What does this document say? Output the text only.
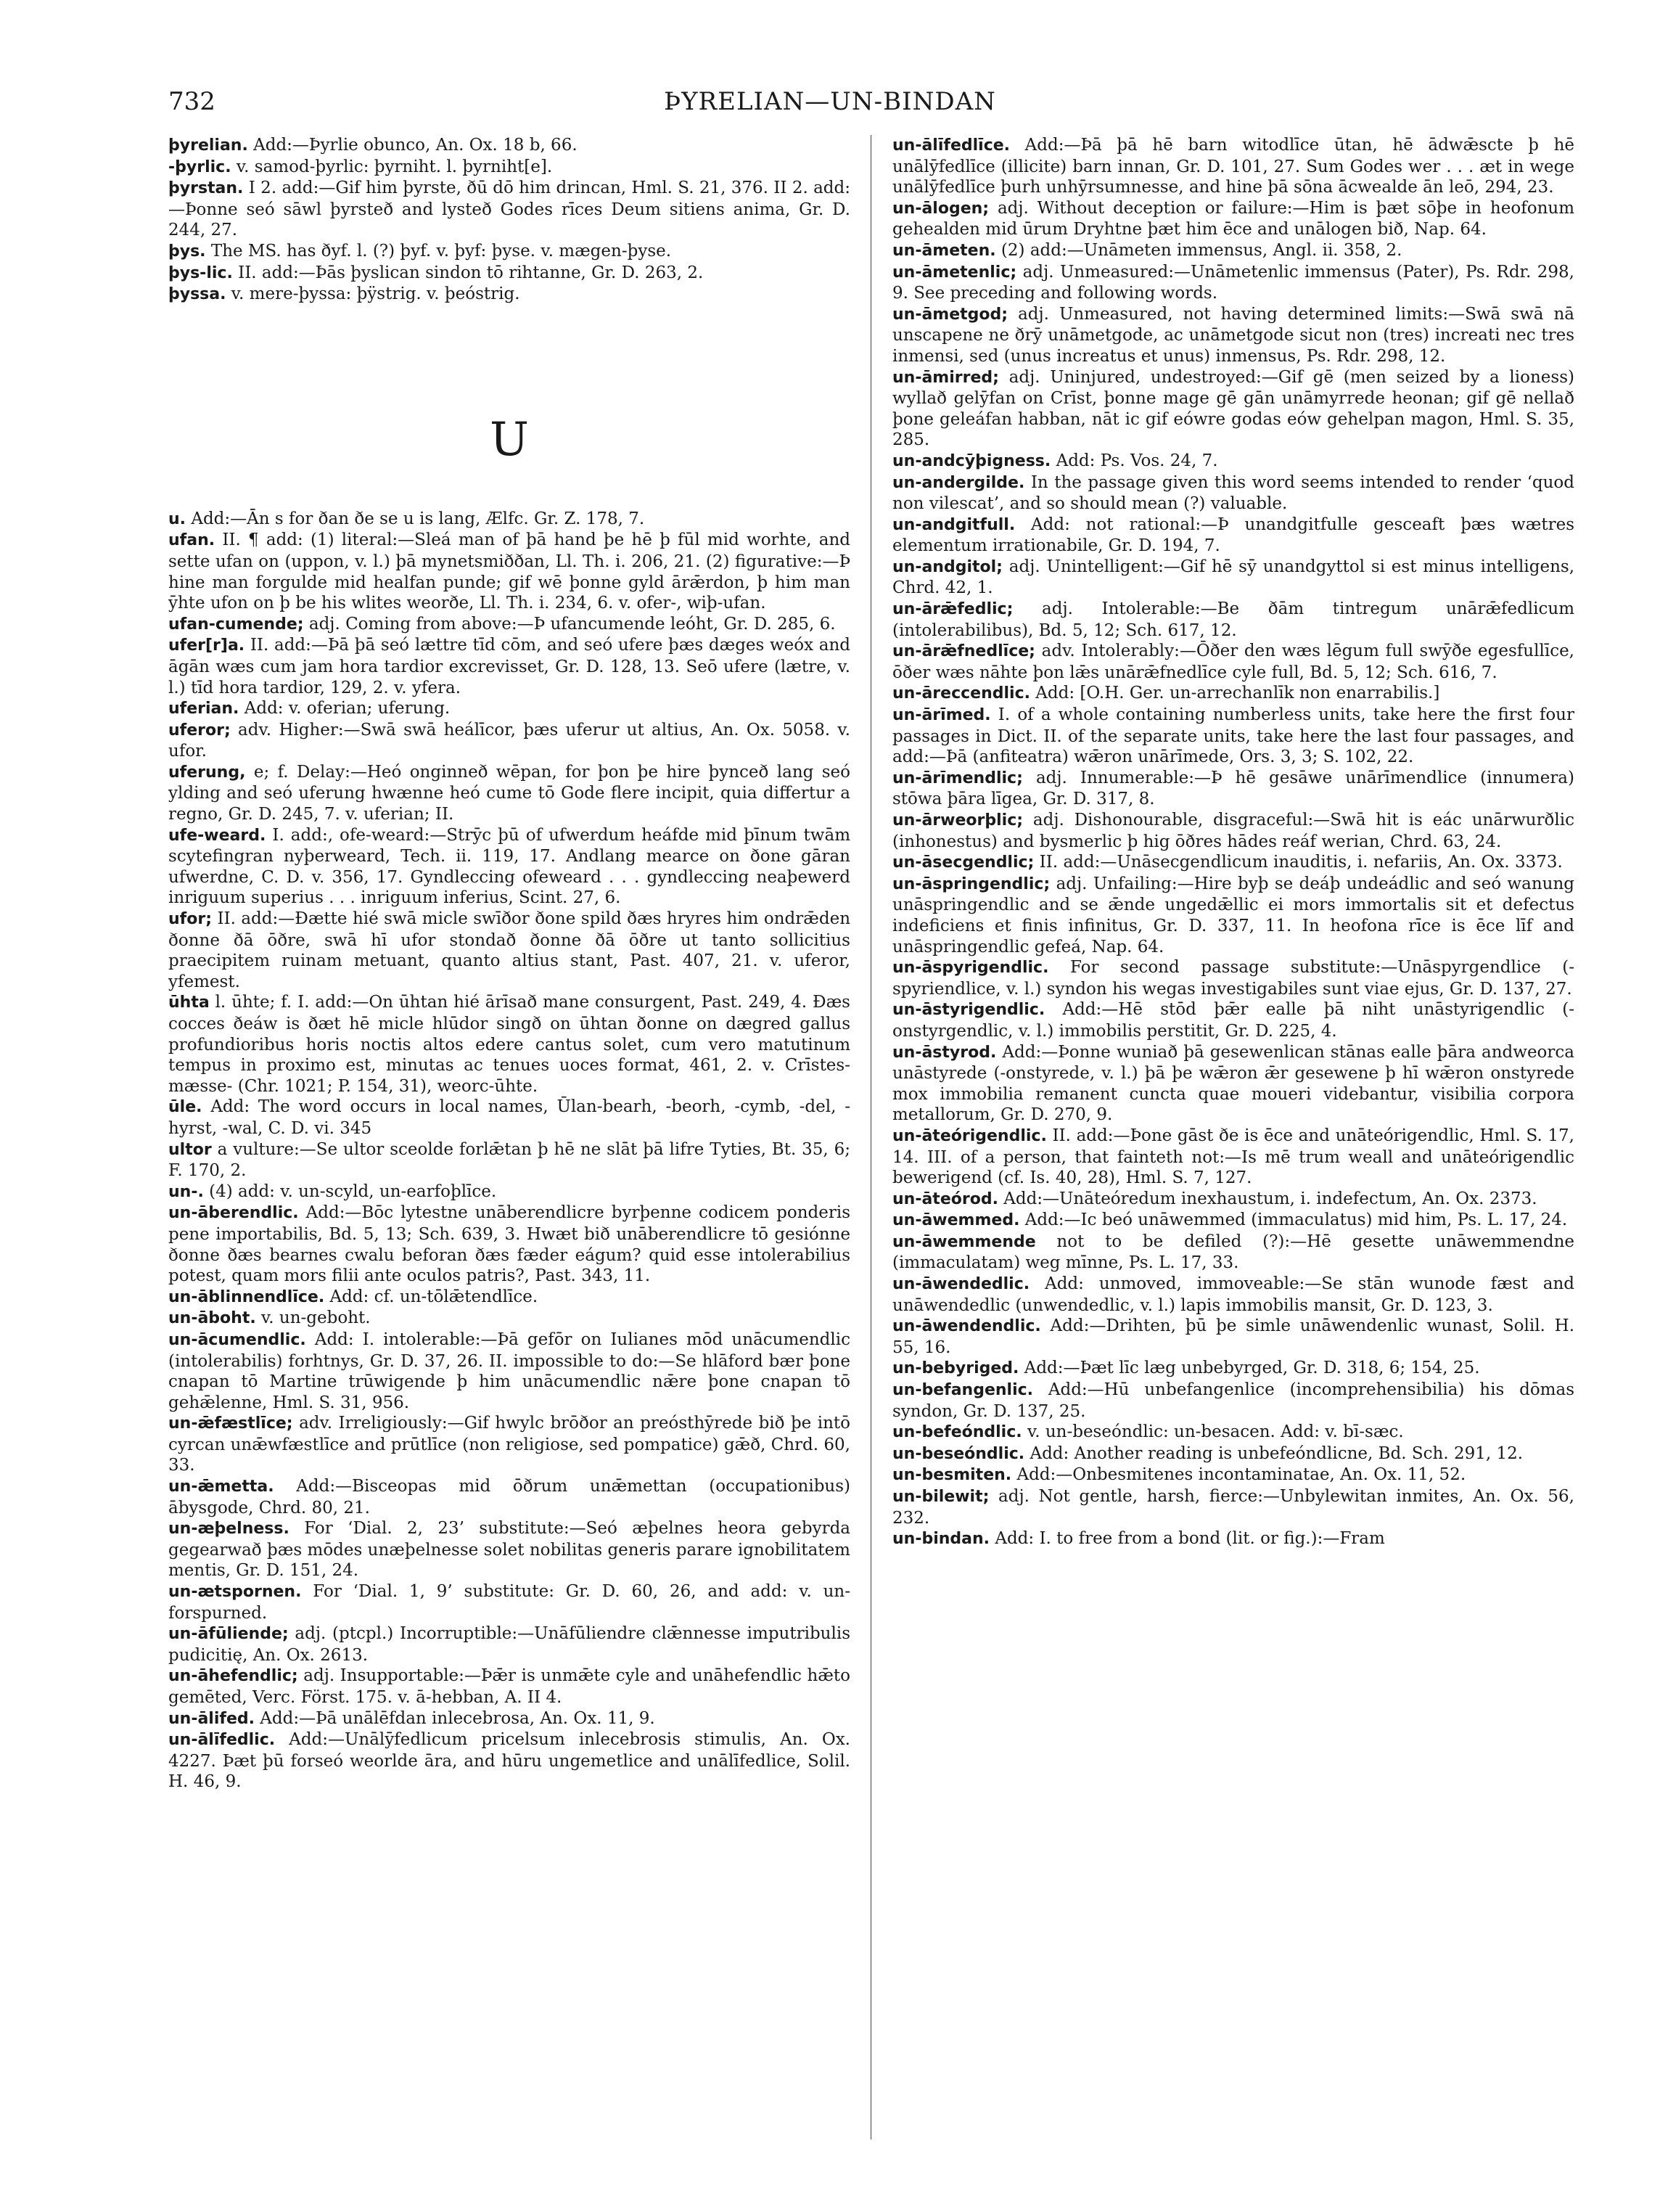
732	ÞYRELIAN—UN-BINDAN

þyrelian. Add:—Þyrlie obunco, An. Ox. 18 b, 66.

-þyrlic. v. samod-þyrlic: þyrniht. l. þyrniht[e].

þyrstan. I 2. add:—Gif him þyrste, ðū dō him drincan, Hml. S. 21, 376. II 2. add:—Þonne seó sāwl þyrsteð and lysteð Godes rīces Deum sitiens anima, Gr. D. 244, 27.

þys. The MS. has ðyf. l. (?) þyf. v. þyf: þyse. v. mægen-þyse.

þys-lic. II. add:—Þās þyslican sindon tō rihtanne, Gr. D. 263, 2.

þyssa. v. mere-þyssa: þÿstrig. v. þeóstrig.

U

u. Add:—Ān s for ðan ðe se u is lang, Ælfc. Gr. Z. 178, 7.

ufan. II. ¶ add: (1) literal:—Sleá man of þā hand þe hē þ fūl mid worhte, and sette ufan on (uppon, v. l.) þā mynetsmiððan, Ll. Th. i. 206, 21. (2) figurative:—Þ hine man forgulde mid healfan punde; gif wē þonne gyld ārǣrdon, þ him man ȳhte ufon on þ be his wlites weorðe, Ll. Th. i. 234, 6. v. ofer-, wiþ-ufan.

ufan-cumende; adj. Coming from above:—Þ ufancumende leóht, Gr. D. 285, 6.

ufer[r]a. II. add:—Þā þā seó lættre tīd cōm, and seó ufere þæs dæges weóx and āgān wæs cum jam hora tardior excrevisset, Gr. D. 128, 13. Seō ufere (lætre, v. l.) tīd hora tardior, 129, 2. v. yfera.

uferian. Add: v. oferian; uferung.

uferor; adv. Higher:—Swā swā heálīcor, þæs uferur ut altius, An. Ox. 5058. v. ufor.

uferung, e; f. Delay:—Heó onginneð wēpan, for þon þe hire þynceð lang seó ylding and seó uferung hwænne heó cume tō Gode flere incipit, quia differtur a regno, Gr. D. 245, 7. v. uferian; II.

ufe-weard. I. add:, ofe-weard:—Strȳc þū of ufwerdum heáfde mid þīnum twām scytefingran nyþerweard, Tech. ii. 119, 17. Andlang mearce on ðone gāran ufwerdne, C. D. v. 356, 17. Gyndleccing ofeweard . . . gyndleccing neaþewerd inriguum superius . . . inriguum inferius, Scint. 27, 6.

ufor; II. add:—Ðætte hié swā micle swīðor ðone spild ðæs hryres him ondrǣden ðonne ðā ōðre, swā hī ufor stondað ðonne ðā ōðre ut tanto sollicitius praecipitem ruinam metuant, quanto altius stant, Past. 407, 21. v. uferor, yfemest.

ūhta l. ūhte; f. I. add:—On ūhtan hié ārīsað mane consurgent, Past. 249, 4. Ðæs cocces ðeáw is ðæt hē micle hlūdor singð on ūhtan ðonne on dægred gallus profundioribus horis noctis altos edere cantus solet, cum vero matutinum tempus in proximo est, minutas ac tenues uoces format, 461, 2. v. Crīstes-mæsse- (Chr. 1021; P. 154, 31), weorc-ūhte.

ūle. Add: The word occurs in local names, Ūlan-bearh, -beorh, -cymb, -del, -hyrst, -wal, C. D. vi. 345

ultor a vulture:—Se ultor sceolde forlǣtan þ hē ne slāt þā lifre Tyties, Bt. 35, 6; F. 170, 2.

un-. (4) add: v. un-scyld, un-earfoþlīce.

un-āberendlic. Add:—Bōc lytestne unāberendlicre byrþenne codicem ponderis pene importabilis, Bd. 5, 13; Sch. 639, 3. Hwæt bið unāberendlicre tō gesiónne ðonne ðæs bearnes cwalu beforan ðæs fæder eágum? quid esse intolerabilius potest, quam mors filii ante oculos patris?, Past. 343, 11.

un-āblinnendlīce. Add: cf. un-tōlǣtendlīce.

un-āboht. v. un-geboht.

un-ācumendlic. Add: I. intolerable:—Þā gefōr on Iulianes mōd unācumendlic (intolerabilis) forhtnys, Gr. D. 37, 26. II. impossible to do:—Se hlāford bær þone cnapan tō Martine trūwigende þ him unācumendlic nǣre þone cnapan tō gehǣlenne, Hml. S. 31, 956.

un-ǣfæstlīce; adv. Irreligiously:—Gif hwylc brōðor an preósthȳrede bið þe intō cyrcan unǣwfæstlīce and prūtlīce (non religiose, sed pompatice) gǣð, Chrd. 60, 33.

un-ǣmetta. Add:—Bisceopas mid ōðrum unǣmettan (occupationibus) ābysgode, Chrd. 80, 21.

un-æþelness. For ‘Dial. 2, 23’ substitute:—Seó æþelnes heora gebyrda gegearwað þæs mōdes unæþelnesse solet nobilitas generis parare ignobilitatem mentis, Gr. D. 151, 24.

un-ætspornen. For ‘Dial. 1, 9’ substitute: Gr. D. 60, 26, and add: v. un-forspurned.

un-āfūliende; adj. (ptcpl.) Incorruptible:—Unāfūliendre clǣnnesse imputribulis pudicitię, An. Ox. 2613.

un-āhefendlic; adj. Insupportable:—Þǣr is unmǣte cyle and unāhefendlic hǣto gemēted, Verc. Först. 175. v. ā-hebban, A. II 4.

un-ālifed. Add:—Þā unālēfdan inlecebrosa, An. Ox. 11, 9.

un-ālīfedlic. Add:—Unālȳfedlicum pricelsum inlecebrosis stimulis, An. Ox. 4227. Þæt þū forseó weorlde āra, and hūru ungemetlice and unālīfedlice, Solil. H. 46, 9.

un-ālīfedlīce. Add:—Þā þā hē barn witodlīce ūtan, hē ādwǣscte þ hē unālȳfedlīce (illicite) barn innan, Gr. D. 101, 27. Sum Godes wer . . . æt in wege unālȳfedlīce þurh unhȳrsumnesse, and hine þā sōna ācwealde ān leō, 294, 23.

un-ālogen; adj. Without deception or failure:—Him is þæt sōþe in heofonum gehealden mid ūrum Dryhtne þæt him ēce and unālogen bið, Nap. 64.

un-āmeten. (2) add:—Unāmeten immensus, Angl. ii. 358, 2.

un-āmetenlic; adj. Unmeasured:—Unāmetenlic immensus (Pater), Ps. Rdr. 298, 9. See preceding and following words.

un-āmetgod; adj. Unmeasured, not having determined limits:—Swā swā nā unscapene ne ðrȳ unāmetgode, ac unāmetgode sicut non (tres) increati nec tres inmensi, sed (unus increatus et unus) inmensus, Ps. Rdr. 298, 12.

un-āmirred; adj. Uninjured, undestroyed:—Gif gē (men seized by a lioness) wyllað gelȳfan on Crīst, þonne mage gē gān unāmyrrede heonan; gif gē nellað þone geleáfan habban, nāt ic gif eówre godas eów gehelpan magon, Hml. S. 35, 285.

un-andcȳþigness. Add: Ps. Vos. 24, 7.

un-andergilde. In the passage given this word seems intended to render ‘quod non vilescat’, and so should mean (?) valuable.

un-andgitfull. Add: not rational:—Þ unandgitfulle gesceaft þæs wætres elementum irrationabile, Gr. D. 194, 7.

un-andgitol; adj. Unintelligent:—Gif hē sȳ unandgyttol si est minus intelligens, Chrd. 42, 1.

un-ārǣfedlic; adj. Intolerable:—Be ðām tintregum unārǣfedlicum (intolerabilibus), Bd. 5, 12; Sch. 617, 12.

un-ārǣfnedlīce; adv. Intolerably:—Ōðer den wæs lēgum full swȳðe egesfullīce, ōðer wæs nāhte þon lǣs unārǣfnedlīce cyle full, Bd. 5, 12; Sch. 616, 7.

un-āreccendlic. Add: [O.H. Ger. un-arrechanlīk non enarrabilis.]

un-ārīmed. I. of a whole containing numberless units, take here the first four passages in Dict. II. of the separate units, take here the last four passages, and add:—Þā (anfiteatra) wǣron unārīmede, Ors. 3, 3; S. 102, 22.

un-ārīmendlic; adj. Innumerable:—Þ hē gesāwe unārīmendlice (innumera) stōwa þāra līgea, Gr. D. 317, 8.

un-ārweorþlic; adj. Dishonourable, disgraceful:—Swā hit is eác unārwurðlic (inhonestus) and bysmerlic þ hig ōðres hādes reáf werian, Chrd. 63, 24.

un-āsecgendlic; II. add:—Unāsecgendlicum inauditis, i. nefariis, An. Ox. 3373.

un-āspringendlic; adj. Unfailing:—Hire byþ se deáþ undeádlic and seó wanung unāspringendlic and se ǣnde ungedǣllic ei mors immortalis sit et defectus indeficiens et finis infinitus, Gr. D. 337, 11. In heofona rīce is ēce līf and unāspringendlic gefeá, Nap. 64.

un-āspyrigendlic. For second passage substitute:—Unāspyrgendlice (-spyriendlice, v. l.) syndon his wegas investigabiles sunt viae ejus, Gr. D. 137, 27.

un-āstyrigendlic. Add:—Hē stōd þǣr ealle þā niht unāstyrigendlic (-onstyrgendlic, v. l.) immobilis perstitit, Gr. D. 225, 4.

un-āstyrod. Add:—Þonne wuniað þā gesewenlican stānas ealle þāra andweorca unāstyrede (-onstyrede, v. l.) þā þe wǣron ǣr gesewene þ hī wǣron onstyrede mox immobilia remanent cuncta quae moueri videbantur, visibilia corpora metallorum, Gr. D. 270, 9.

un-āteórigendlic. II. add:—Þone gāst ðe is ēce and unāteórigendlic, Hml. S. 17, 14. III. of a person, that fainteth not:—Is mē trum weall and unāteórigendlic bewerigend (cf. Is. 40, 28), Hml. S. 7, 127.

un-āteórod. Add:—Unāteóredum inexhaustum, i. indefectum, An. Ox. 2373.

un-āwemmed. Add:—Ic beó unāwemmed (immaculatus) mid him, Ps. L. 17, 24.

un-āwemmende not to be defiled (?):—Hē gesette unāwemmendne (immaculatam) weg mīnne, Ps. L. 17, 33.

un-āwendedlic. Add: unmoved, immoveable:—Se stān wunode fæst and unāwendedlic (unwendedlic, v. l.) lapis immobilis mansit, Gr. D. 123, 3.

un-āwendendlic. Add:—Drihten, þū þe simle unāwendenlic wunast, Solil. H. 55, 16.

un-bebyriged. Add:—Þæt līc læg unbebyrged, Gr. D. 318, 6; 154, 25.

un-befangenlic. Add:—Hū unbefangenlice (incomprehensibilia) his dōmas syndon, Gr. D. 137, 25.

un-befeóndlic. v. un-beseóndlic: un-besacen. Add: v. bī-sæc.

un-beseóndlic. Add: Another reading is unbefeóndlicne, Bd. Sch. 291, 12.

un-besmiten. Add:—Onbesmitenes incontaminatae, An. Ox. 11, 52.

un-bilewit; adj. Not gentle, harsh, fierce:—Unbylewitan inmites, An. Ox. 56, 232.

un-bindan. Add: I. to free from a bond (lit. or fig.):—Fram
